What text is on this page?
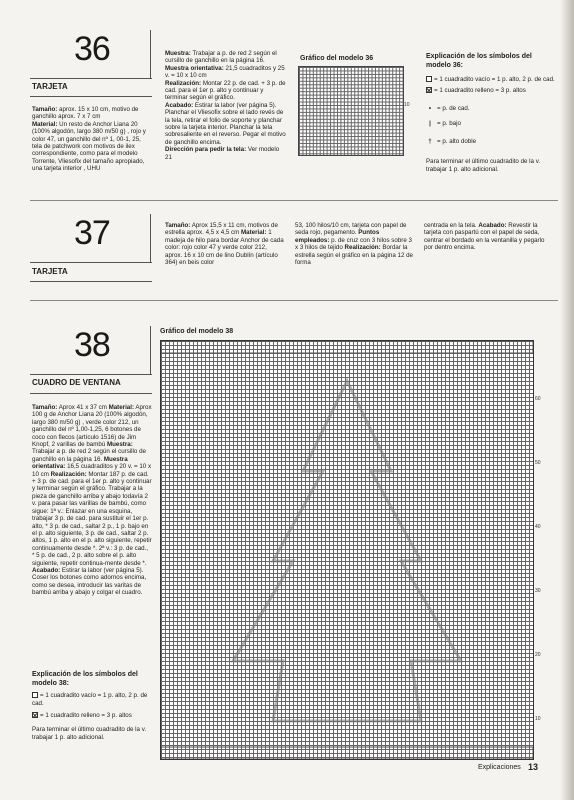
36
TARJETA
Tamaño: aprox. 15 x 10 cm, motivo de ganchillo aprox. 7 x 7 cm
Material: Un resto de Anchor Liana 20 (100% algodón, largo 380 m/50 g) , rojo y color 47, un ganchillo del nº 1, 00-1, 25, tela de patchwork con motivos de ilex correspondiente, como para el modelo Torrente, Vliesofix del tamaño apropiado, una tarjeta interior , UHU
Muestra: Trabajar a p. de red 2 según el cursillo de ganchillo en la página 16.
Muestra orientativa: 21,5 cuadraditos y 25 v. = 10 x 10 cm
Realización: Montar 22 p. de cad. + 3 p. de cad. para el 1er p. alto y continuar y terminar según el gráfico.
Acabado: Estirar la labor (ver página 5). Planchar el Vliesofix sobre el lado revés de la tela, retirar el folio de soporte y planchar sobre la tarjeta interior. Planchar la tela sobresaliente en el reverso. Pegar el motivo de ganchillo encima.
Dirección para pedir la tela: Ver modelo 21
Gráfico del modelo 36
10
Explicación de los símbolos del modelo 36:
= 1 cuadradito vacío = 1 p. alto, 2 p. de cad.
= 1 cuadradito relleno = 3 p. altos
• = p. de cad.
| = p. bajo
† = p. alto doble
Para terminar el último cuadradito de la v. trabajar 1 p. alto adicional.
37
TARJETA
Tamaño: Aprox 15,5 x 11 cm, motivos de estrella aprox. 4,5 x 4,5 cm Material: 1 madeja de hilo para bordar Anchor de cada color: rojo color 47 y verde color 212, aprox. 16 x 10 cm de lino Dublín (artículo 364) en beis color
53, 100 hilos/10 cm, tarjeta con papel de seda rojo, pegamento. Puntos empleados: p. de cruz con 3 hilos sobre 3 x 3 hilos de tejido Realización: Bordar la estrella según el gráfico en la página 12 de forma
centrada en la tela. Acabado: Revestir la tarjeta con paspartú con el papel de seda, centrar el bordado en la ventanilla y pegarlo por dentro encima.
38
CUADRO DE VENTANA
Tamaño: Aprox 41 x 37 cm Material: Aprox 100 g de Anchor Liana 20 (100% algodón, largo 380 m/50 g) , verde color 212, un ganchillo del nº 1,00-1,25, 6 botones de coco con flecos (artículo 1516) de Jim Knopf, 2 varillas de bambú Muestra: Trabajar a p. de red 2 según el cursillo de ganchillo en la página 16. Muestra orientativa: 16,5 cuadraditos y 20 v. = 10 x 10 cm Realización: Montar 187 p. de cad. + 3 p. de cad. para el 1er p. alto y continuar y terminar según el gráfico. Trabajar a la pieza de ganchillo arriba y abajo todavía 2 v. para pasar las varillas de bambú, como sigue: 1ª v.: Enlazar en una esquina, trabajar 3 p. de cad. para sustituir el 1er p. alto, * 3 p. de cad., saltar 2 p., 1 p. bajo en el p. alto siguiente, 3 p. de cad., saltar 2 p. altos, 1 p. alto en el p. alto siguiente, repetir continuamente desde *. 2ª v.: 3 p. de cad., * 5 p. de cad., 2 p. alto sobre el p. alto siguiente, repetir continua-mente desde *. Acabado: Estirar la labor (ver página 5). Coser los botones como adornos encima, como se desea, introducir las varitas de bambú arriba y abajo y colgar el cuadro.
Explicación de los símbolos del modelo 38:
= 1 cuadradito vacío = 1 p. alto, 2 p. de cad.
= 1 cuadradito relleno = 3 p. altos
Para terminar el último cuadradito de la v. trabajar 1 p. alto adicional.
Gráfico del modelo 38
60
50
40
30
20
10
Explicaciones 13
